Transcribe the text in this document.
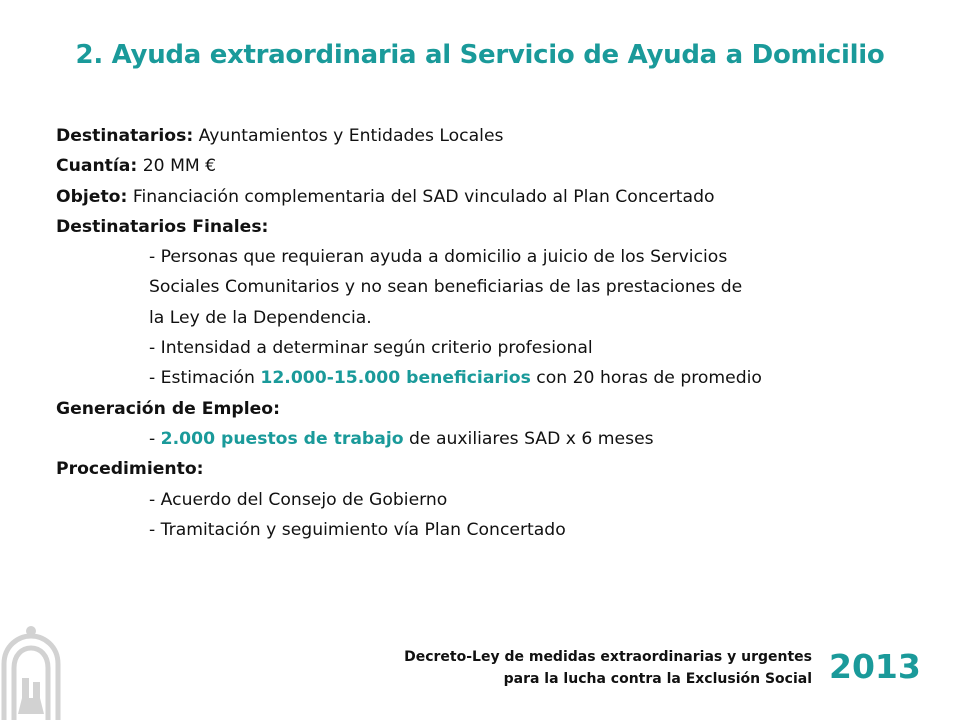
2. Ayuda extraordinaria al Servicio de Ayuda a Domicilio
Destinatarios: Ayuntamientos y Entidades Locales
Cuantía: 20 MM €
Objeto: Financiación complementaria del SAD vinculado al Plan Concertado
Destinatarios Finales:
- Personas que requieran ayuda a domicilio a juicio de los Servicios
Sociales Comunitarios y no sean beneficiarias de las prestaciones de
la Ley de la Dependencia.
- Intensidad a determinar según criterio profesional
- Estimación 12.000-15.000 beneficiarios con 20 horas de promedio
Generación de Empleo:
- 2.000 puestos de trabajo de auxiliares SAD x 6 meses
Procedimiento:
- Acuerdo del Consejo de Gobierno
- Tramitación y seguimiento vía Plan Concertado
Decreto-Ley de medidas extraordinarias y urgentes
para la lucha contra la Exclusión Social 2013
